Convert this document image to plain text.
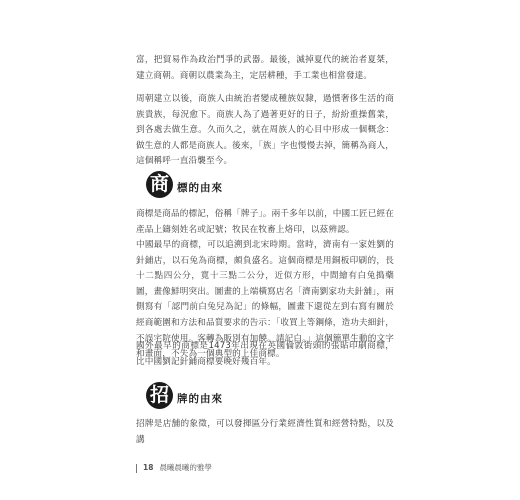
富，把貿易作為政治鬥爭的武器。最後，滅掉夏代的統治者夏桀，建立商朝。商朝以農業為主，定居耕種，手工業也相當發達。

周朝建立以後，商族人由統治者變成種族奴隸，過慣奢侈生活的商族貴族，每況愈下。商族人為了過著更好的日子，紛紛重操舊業，到各處去做生意。久而久之，就在周族人的心目中形成一個概念：做生意的人都是商族人。後來，「族」字也慢慢去掉，簡稱為商人，這個稱呼一直沿襲至今。

商 標的由來

商標是商品的標記，俗稱「牌子」。兩千多年以前，中國工匠已經在產品上鑄刻姓名或記號；牧民在牧畜上烙印，以茲辨認。

中國最早的商標，可以追溯到北宋時期。當時，濟南有一家姓劉的針鋪店，以石兔為商標，頗負盛名。這個商標是用銅板印刷的，長十二點四公分，寬十三點二公分，近似方形，中間繪有白兔搗藥圖，畫像鮮明突出。圖畫的上端橫寫店名「濟南劉家功夫針舖」，兩側寫有「認門前白兔兒為記」的條幅，圖畫下還從左到右寫有關於經商範圍和方法和品質要求的告示：「收買上等鋼條，造功夫細針，不誤宅院使用。客轉為販別有加饒。請記白。」這個簡單生動的文字和畫面，不失為一個典型的上佳商標。

國外最早的商標是1473年出現在英國倫敦街頭的張貼印刷商標，比中國劉記針鋪商標要晚好幾百年。

招 牌的由來

招牌是店舗的象徵，可以發揮區分行業經濟性質和經營特點，以及講

18 晨曦晨曦的雅學
